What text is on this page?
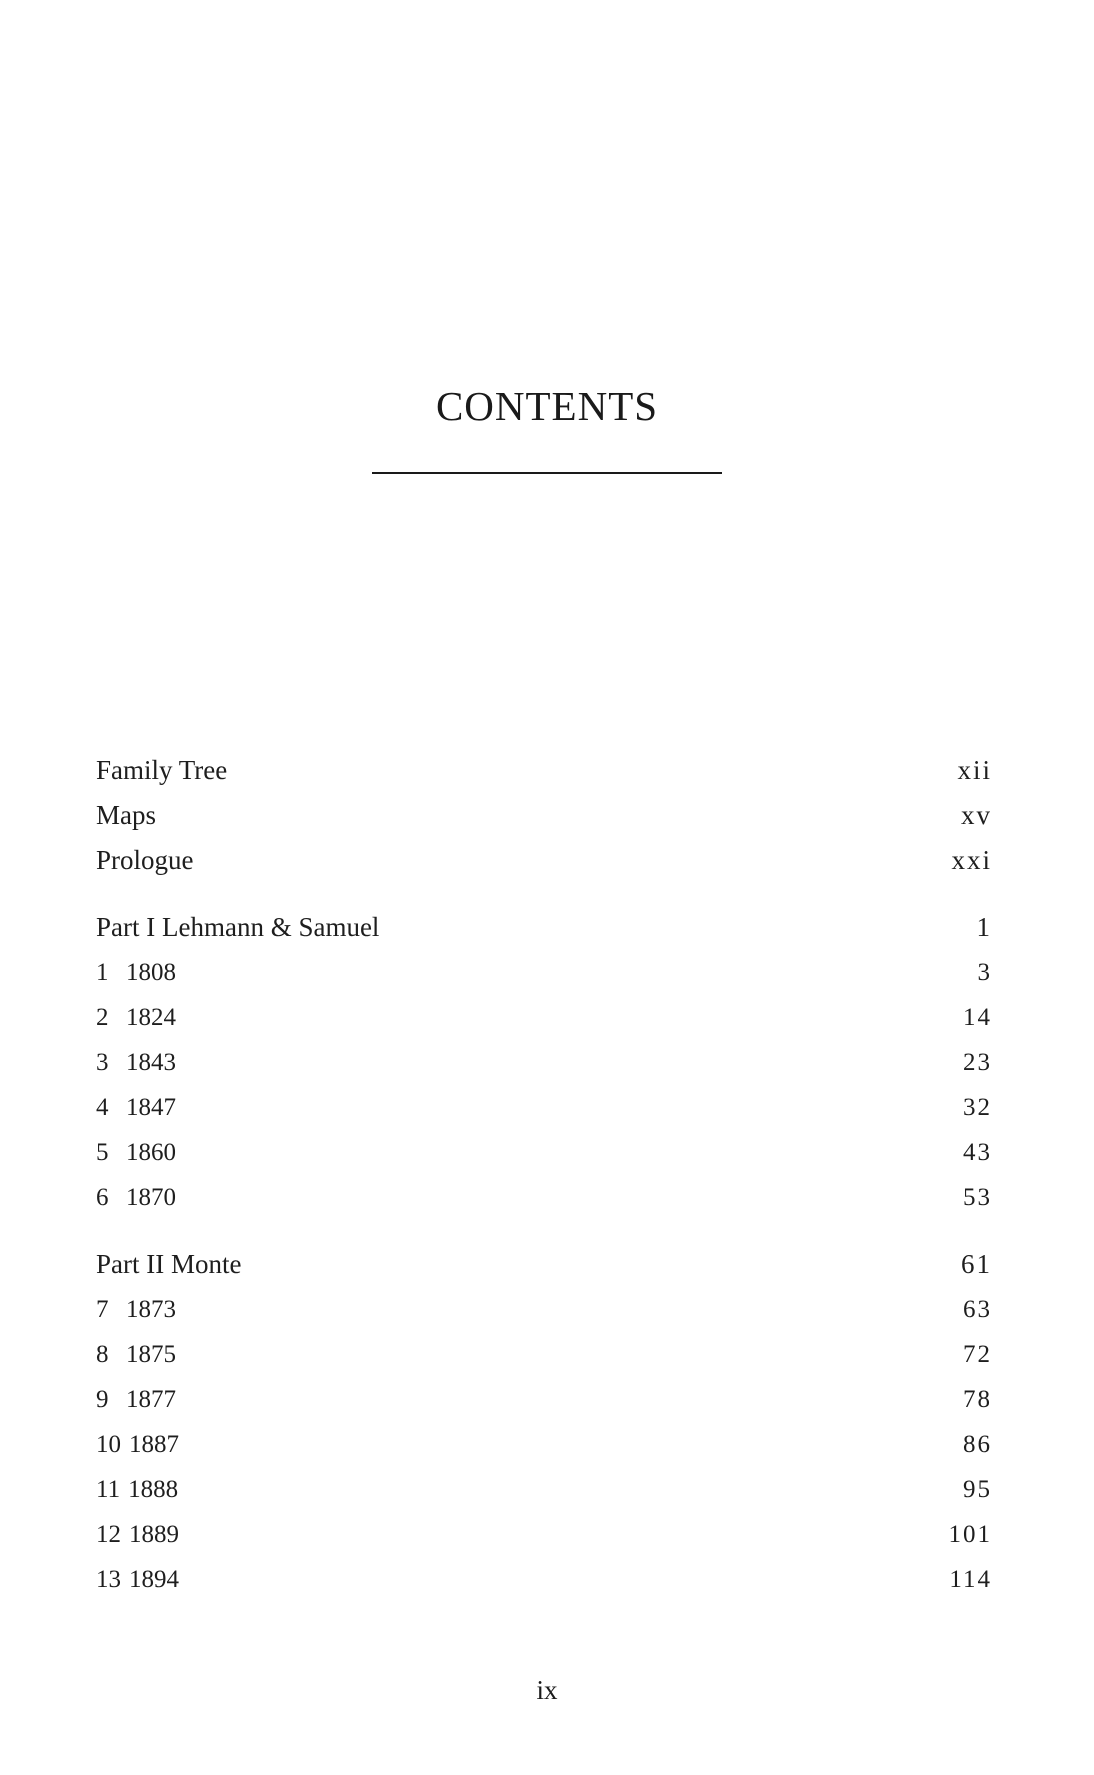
CONTENTS
Family Tree	xii
Maps	xv
Prologue	xxi
Part I Lehmann & Samuel	1
1 1808	3
2 1824	14
3 1843	23
4 1847	32
5 1860	43
6 1870	53
Part II Monte	61
7 1873	63
8 1875	72
9 1877	78
10 1887	86
11 1888	95
12 1889	101
13 1894	114
ix
